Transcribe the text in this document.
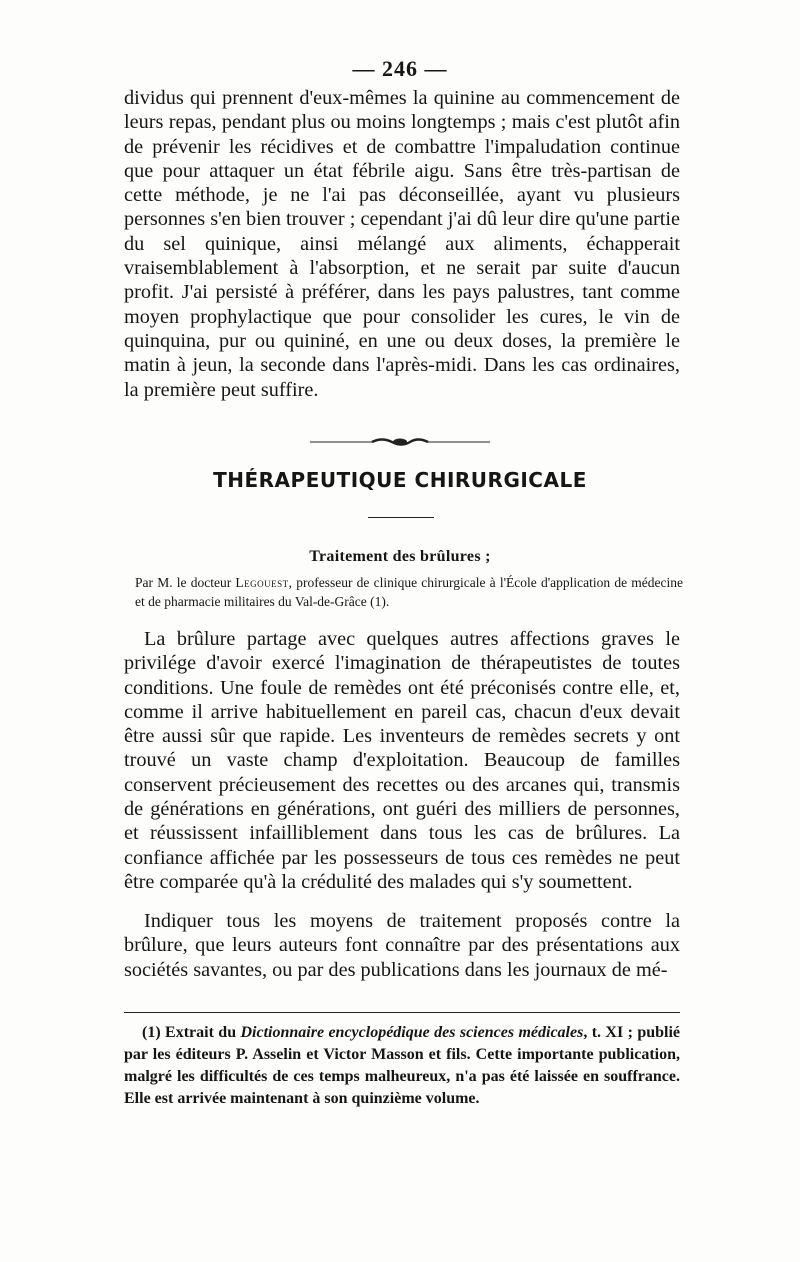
— 246 —

dividus qui prennent d'eux-mêmes la quinine au commencement de leurs repas, pendant plus ou moins longtemps ; mais c'est plutôt afin de prévenir les récidives et de combattre l'impaludation continue que pour attaquer un état fébrile aigu. Sans être très-partisan de cette méthode, je ne l'ai pas déconseillée, ayant vu plusieurs personnes s'en bien trouver ; cependant j'ai dû leur dire qu'une partie du sel quinique, ainsi mélangé aux aliments, échapperait vraisemblablement à l'absorption, et ne serait par suite d'aucun profit. J'ai persisté à préférer, dans les pays palustres, tant comme moyen prophylactique que pour consolider les cures, le vin de quinquina, pur ou quininé, en une ou deux doses, la première le matin à jeun, la seconde dans l'après-midi. Dans les cas ordinaires, la première peut suffire.

THÉRAPEUTIQUE CHIRURGICALE
Traitement des brûlures ;
Par M. le docteur Legouest, professeur de clinique chirurgicale à l'École d'application de médecine et de pharmacie militaires du Val-de-Grâce (1).

La brûlure partage avec quelques autres affections graves le privilége d'avoir exercé l'imagination de thérapeutistes de toutes conditions. Une foule de remèdes ont été préconisés contre elle, et, comme il arrive habituellement en pareil cas, chacun d'eux devait être aussi sûr que rapide. Les inventeurs de remèdes secrets y ont trouvé un vaste champ d'exploitation. Beaucoup de familles conservent précieusement des recettes ou des arcanes qui, transmis de générations en générations, ont guéri des milliers de personnes, et réussissent infailliblement dans tous les cas de brûlures. La confiance affichée par les possesseurs de tous ces remèdes ne peut être comparée qu'à la crédulité des malades qui s'y soumettent.

Indiquer tous les moyens de traitement proposés contre la brûlure, que leurs auteurs font connaître par des présentations aux sociétés savantes, ou par des publications dans les journaux de mé-

(1) Extrait du Dictionnaire encyclopédique des sciences médicales, t. XI ; publié par les éditeurs P. Asselin et Victor Masson et fils. Cette importante publication, malgré les difficultés de ces temps malheureux, n'a pas été laissée en souffrance. Elle est arrivée maintenant à son quinzième volume.
